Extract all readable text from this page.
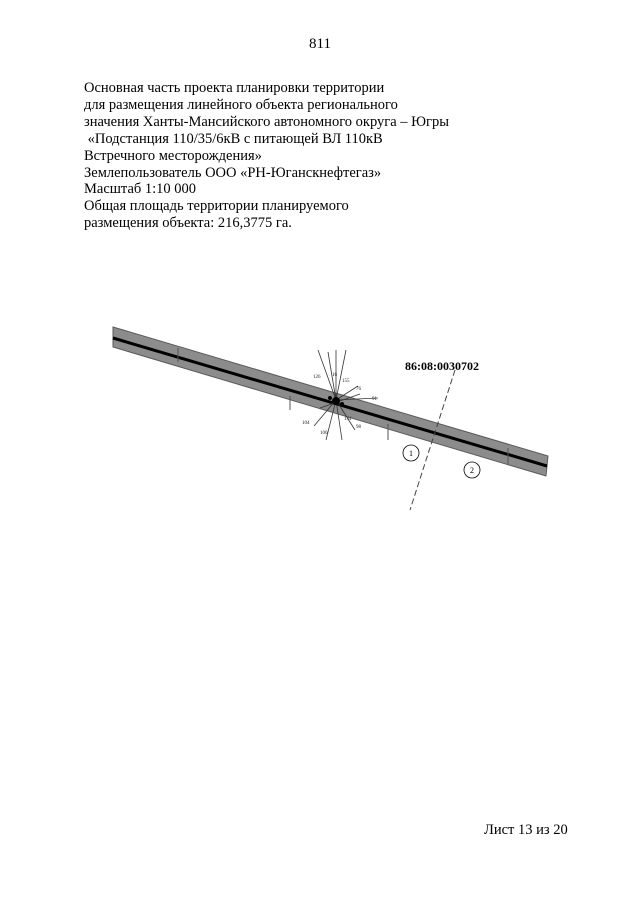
811
Основная часть проекта планировки территории
для размещения линейного объекта регионального
значения Ханты-Мансийского автономного округа – Югры
«Подстанция 110/35/6кВ с питающей ВЛ 110кВ
Встречного месторождения»
Землепользователь ООО «РН-Юганскнефтегаз»
Масштаб 1:10 000
Общая площадь территории планируемого
размещения объекта: 216,3775 га.
126 16
155
76
91
104
100
144
98
86:08:0030702
1
2
Лист 13 из 20
